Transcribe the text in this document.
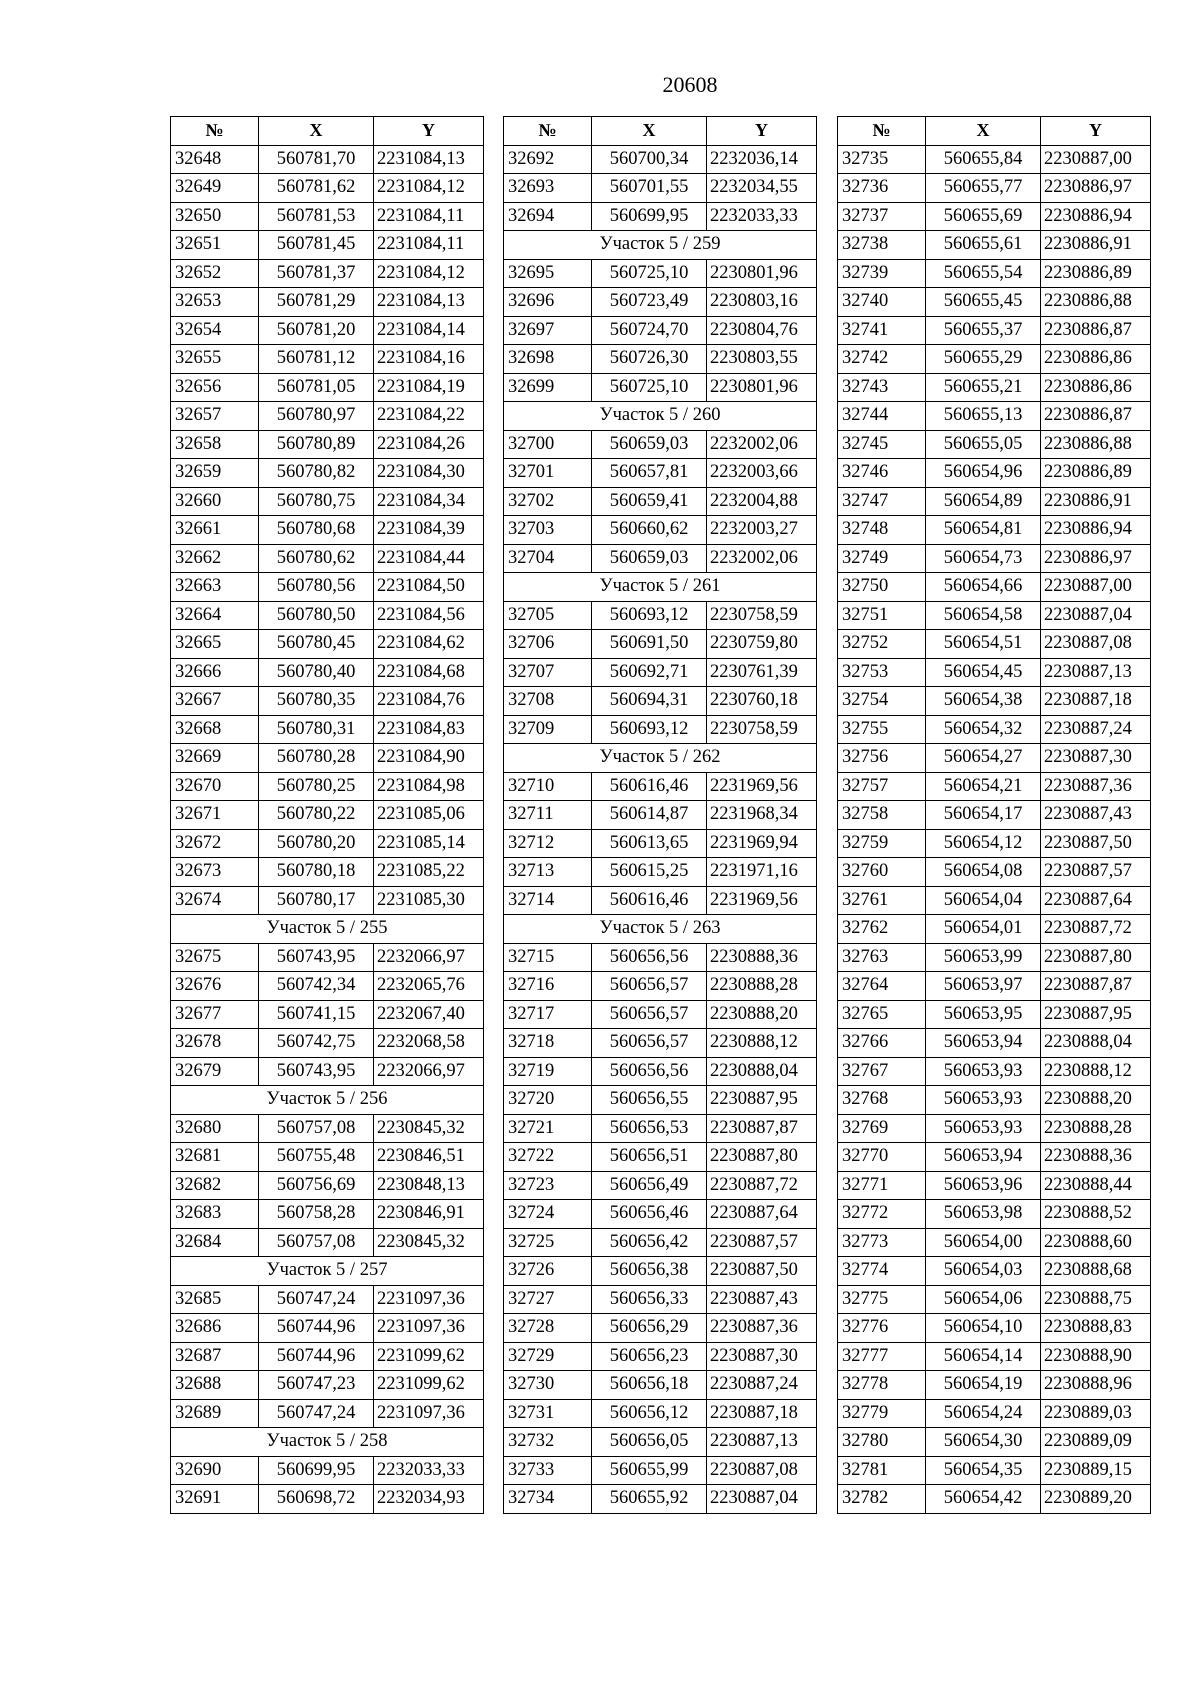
20608
№	X	Y
32648	560781,70	2231084,13
32649	560781,62	2231084,12
32650	560781,53	2231084,11
32651	560781,45	2231084,11
32652	560781,37	2231084,12
32653	560781,29	2231084,13
32654	560781,20	2231084,14
32655	560781,12	2231084,16
32656	560781,05	2231084,19
32657	560780,97	2231084,22
32658	560780,89	2231084,26
32659	560780,82	2231084,30
32660	560780,75	2231084,34
32661	560780,68	2231084,39
32662	560780,62	2231084,44
32663	560780,56	2231084,50
32664	560780,50	2231084,56
32665	560780,45	2231084,62
32666	560780,40	2231084,68
32667	560780,35	2231084,76
32668	560780,31	2231084,83
32669	560780,28	2231084,90
32670	560780,25	2231084,98
32671	560780,22	2231085,06
32672	560780,20	2231085,14
32673	560780,18	2231085,22
32674	560780,17	2231085,30
Участок 5 / 255		
32675	560743,95	2232066,97
32676	560742,34	2232065,76
32677	560741,15	2232067,40
32678	560742,75	2232068,58
32679	560743,95	2232066,97
Участок 5 / 256		
32680	560757,08	2230845,32
32681	560755,48	2230846,51
32682	560756,69	2230848,13
32683	560758,28	2230846,91
32684	560757,08	2230845,32
Участок 5 / 257		
32685	560747,24	2231097,36
32686	560744,96	2231097,36
32687	560744,96	2231099,62
32688	560747,23	2231099,62
32689	560747,24	2231097,36
Участок 5 / 258		
32690	560699,95	2232033,33
32691	560698,72	2232034,93
№	X	Y
32692	560700,34	2232036,14
32693	560701,55	2232034,55
32694	560699,95	2232033,33
Участок 5 / 259		
32695	560725,10	2230801,96
32696	560723,49	2230803,16
32697	560724,70	2230804,76
32698	560726,30	2230803,55
32699	560725,10	2230801,96
Участок 5 / 260		
32700	560659,03	2232002,06
32701	560657,81	2232003,66
32702	560659,41	2232004,88
32703	560660,62	2232003,27
32704	560659,03	2232002,06
Участок 5 / 261		
32705	560693,12	2230758,59
32706	560691,50	2230759,80
32707	560692,71	2230761,39
32708	560694,31	2230760,18
32709	560693,12	2230758,59
Участок 5 / 262		
32710	560616,46	2231969,56
32711	560614,87	2231968,34
32712	560613,65	2231969,94
32713	560615,25	2231971,16
32714	560616,46	2231969,56
Участок 5 / 263		
32715	560656,56	2230888,36
32716	560656,57	2230888,28
32717	560656,57	2230888,20
32718	560656,57	2230888,12
32719	560656,56	2230888,04
32720	560656,55	2230887,95
32721	560656,53	2230887,87
32722	560656,51	2230887,80
32723	560656,49	2230887,72
32724	560656,46	2230887,64
32725	560656,42	2230887,57
32726	560656,38	2230887,50
32727	560656,33	2230887,43
32728	560656,29	2230887,36
32729	560656,23	2230887,30
32730	560656,18	2230887,24
32731	560656,12	2230887,18
32732	560656,05	2230887,13
32733	560655,99	2230887,08
32734	560655,92	2230887,04
№	X	Y
32735	560655,84	2230887,00
32736	560655,77	2230886,97
32737	560655,69	2230886,94
32738	560655,61	2230886,91
32739	560655,54	2230886,89
32740	560655,45	2230886,88
32741	560655,37	2230886,87
32742	560655,29	2230886,86
32743	560655,21	2230886,86
32744	560655,13	2230886,87
32745	560655,05	2230886,88
32746	560654,96	2230886,89
32747	560654,89	2230886,91
32748	560654,81	2230886,94
32749	560654,73	2230886,97
32750	560654,66	2230887,00
32751	560654,58	2230887,04
32752	560654,51	2230887,08
32753	560654,45	2230887,13
32754	560654,38	2230887,18
32755	560654,32	2230887,24
32756	560654,27	2230887,30
32757	560654,21	2230887,36
32758	560654,17	2230887,43
32759	560654,12	2230887,50
32760	560654,08	2230887,57
32761	560654,04	2230887,64
32762	560654,01	2230887,72
32763	560653,99	2230887,80
32764	560653,97	2230887,87
32765	560653,95	2230887,95
32766	560653,94	2230888,04
32767	560653,93	2230888,12
32768	560653,93	2230888,20
32769	560653,93	2230888,28
32770	560653,94	2230888,36
32771	560653,96	2230888,44
32772	560653,98	2230888,52
32773	560654,00	2230888,60
32774	560654,03	2230888,68
32775	560654,06	2230888,75
32776	560654,10	2230888,83
32777	560654,14	2230888,90
32778	560654,19	2230888,96
32779	560654,24	2230889,03
32780	560654,30	2230889,09
32781	560654,35	2230889,15
32782	560654,42	2230889,20
